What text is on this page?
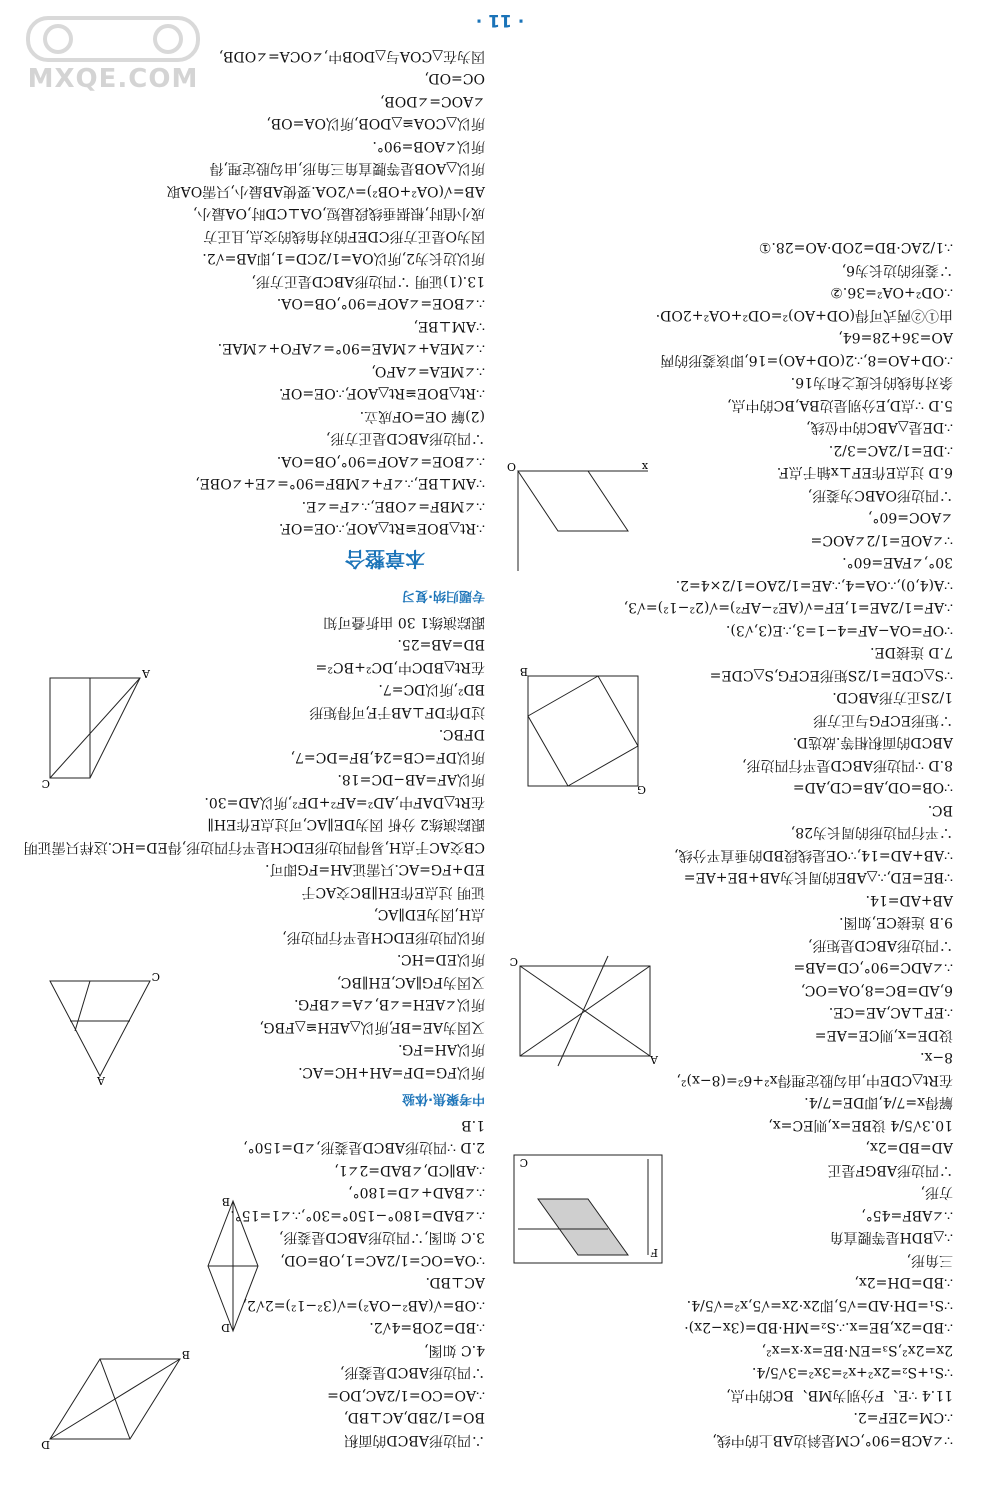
∵∠ACB=90°,CM是斜边AB上的中线,

∴CM=2EF=2.

11.4 ∵E、F分别为MB、BC的中点,

∵S₁+S₂=2x²+x²=3x²=3√5/4.

2x=2x²,S₃=EN·BE=x·x=x²,

∴BD=2x,BE=x.∴S₂=MH·BD=(3x−2x)·

∵S₁=DH·AD=√5,即2x·2x=√5,x²=√5/4.

∴BD=DH=2x,

F
C

三角形,

∴△BDH是等腰直角

∴∠ABF=45°,

方形,

∵四边形ABGF是正

AD=BD=2x,

10.3√5/4 设BE=x,则EC=x,

解得x=7/4,即DE=7/4.

在Rt△CDE中,由勾股定理得x²+6²=(8−x)²,

A
C

8−x.

设DE=x,则CE=AE=

∴EF⊥AC,AE=CE.

6,AD=BC=8,OA=OC,

∴∠ADC=90°,CD=AB=

∵四边形ABCD是矩形,

9.B 连接CE,如图.

AB+AD=14.

∵BE=ED,∴△ABE的周长为AB+BE+AE=

∵AB+AD=14,∵OE是线段BD的垂直平分线,

∵平行四边形的周长为28,

BC.

G
B

∵OB=OD,AB=CD,AD=

8.D ∵四边形ABCD是平行四边形,

ABCD的面积相等.故选D.

∵矩形ECFG与正方形

1/2S正方形ABCD.

∵S△CDE=1/2S矩形ECFG,S△CDE=

7.D 连接DE.

∵OF=OA−AF=4−1=3,∴E(3,√3).

∴AF=1/2AE=1,EF=√(AE²−AF²)=√(2²−1²)=√3,

∵A(4,0),∴OA=4,∴AE=1/2AO=1/2×4=2.

O	x

30°,∠FAE=60°.

∵∠AOE=1/2∠AOC=

∠AOC=60°,

∵四边形OABC为菱形,

6.D 过点E作EF⊥x轴于点F.

∴DE=1/2AC=3/2.

∴DE是△ABC的中位线,

5.D ∵点D,E分别是边BA,BC的中点,

条对角线的长度之和为16.

∴OD+AO=8,∴2(OD+AO)=16,即该菱形的两

AO=36+28=64,

由①②两式可得(OD+AO)²=OD²+OA²+2OD·

∴OD²+OA²=36.②

∵菱形的边长为6,

∴1/2AC·BD=2OD·AO=28.①

B
D	∴四边形ABCD的面积

BO=1/2BD,AC⊥BD,

∴AO=CO=1/2AC,DO=

∵四边形ABCD是菱形,

4.C 如图,

D
B

∴BD=2OB=4√2.

∴OB=√(AB²−OA²)=√(3²−1²)=2√2,

AC⊥BD.

∵OA=OC=1/2AC=1,OB=OD,

3.C 如图,∵四边形ABCD是菱形,

∴∠BAD=180°−150°=30°,∴∠1=15°.

∴∠BAD+∠D=180°,

∴AB∥CD,∠BAD=2∠1,

2.D ∵四边形ABCD是菱形,∠D=150°,

1.B

中考聚焦·体验

A
C

所以FG=DF=AH+HC=AC.

所以AH=FG.

又因为AE=BF,所以△AEH≌△FBG,

所以∠AEH=∠B,∠A=∠BFG.

又因为FG∥AC,EH∥BC,

所以ED=HC.

所以四边形EDCH是平行四边形,

点H,因为ED∥AC,

证明 过点E作EH∥BC交AC于

ED+FG=AC.只需证AH=FG即可.

CB交AC于点H,易得四边形EDCH是平行四边形,得ED=HC.这样只需证明

跟踪演练2 分析 因为DE∥AC,可过点E作EH∥

在Rt△DAF中,AD²=AF²+DF²,所以AD=30.

A
C	所以AF=AB−DC=18.

所以DF=CB=24,BF=DC=7,

DFBC.

过D作DF⊥AB于F,可得矩形

BD²,所以DC=7.

在Rt△BDC中,DC²+BC²=

BD=AB=25.

跟踪演练1 30 由折叠可知

专题归纳·复习

本章整合

∴Rt△BOE≌Rt△AOF,∴OE=OF.

∴∠MBF=∠OBE,∴∠F=∠E.

∵AM⊥BE,∴∠F+∠MBF=90°=∠E+∠OBE,

∴∠BOE=∠AOF=90°,OB=OA.

∵四边形ABCD是正方形,

(2)解 OE=OF成立.

∴Rt△BOE≌Rt△AOF,∴OE=OF.

∴∠MEA=∠AFO,

∴∠MEA+∠MAE=90°=∠AFO+∠MAE.

∵AM⊥BE,

∴∠BOE=∠AOF=90°,OB=OA.

13.(1)证明 ∵四边形ABCD是正方形,

所以边长为2,所以OA=1/2CD=1,即AB=√2.

因为O是正方形CDEF的对角线的交点,且正方

成小值时,根据垂线段最短,OA⊥CD时,OA最小,

AB=√(OA²+OB²)=√2OA.要使AB最小,只需OA取

所以△AOB是等腰直角三角形,由勾股定理,得

所以∠AOB=90°.

所以△COA≌△DOB,所以OA=OB,

∠AOC=∠DOB,

OC=OD,

因为在△COA与△DOB中,∠OCA=∠ODB,

· 11 ·
MXQE.COM
